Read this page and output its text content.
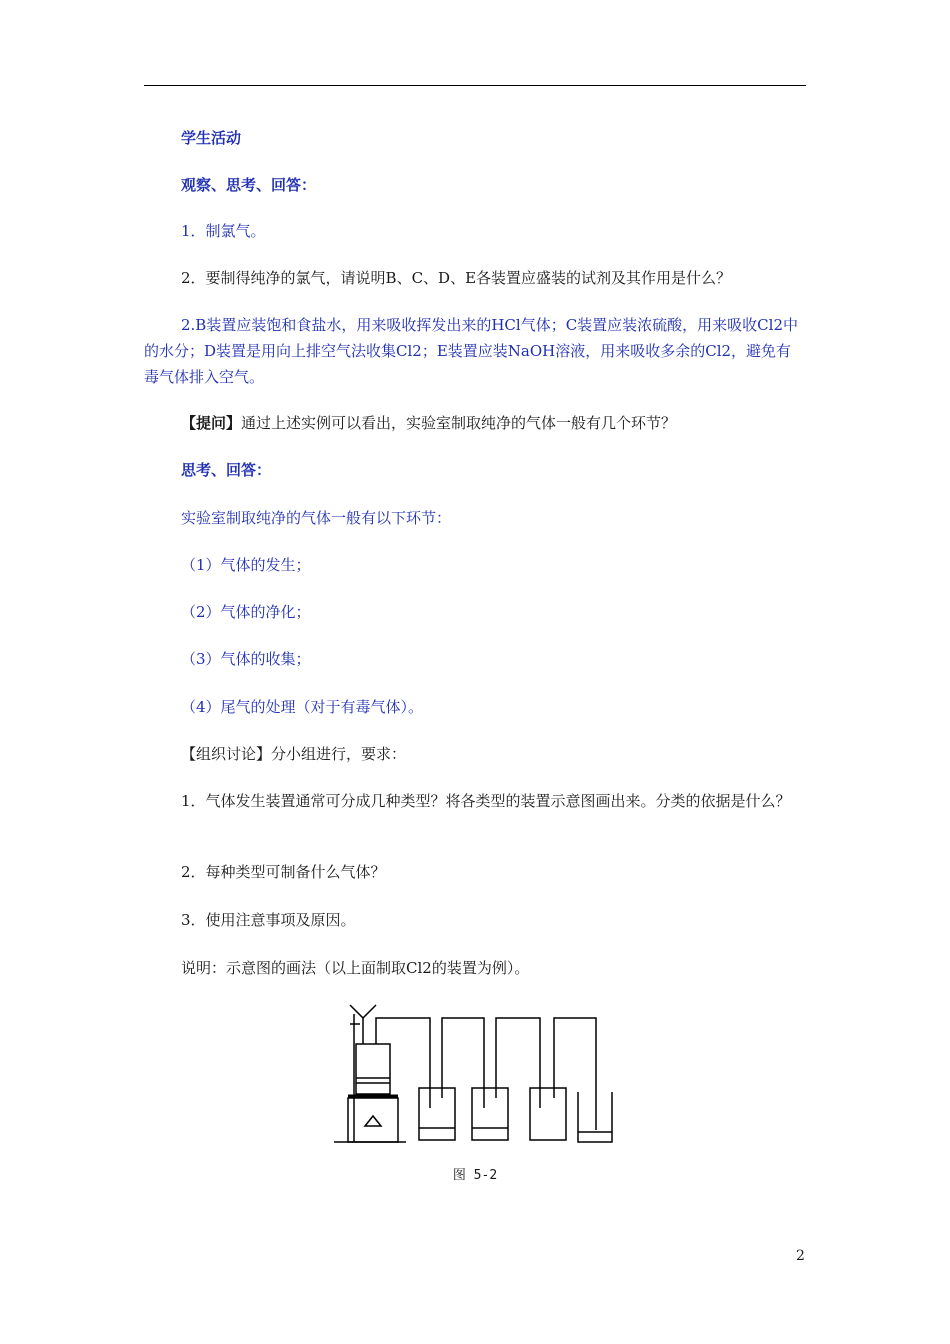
学生活动
观察、思考、回答：
1．制氯气。
2．要制得纯净的氯气，请说明B、C、D、E各装置应盛装的试剂及其作用是什么？
2.B装置应装饱和食盐水，用来吸收挥发出来的HCl气体；C装置应装浓硫酸，用来吸收Cl2中的水分；D装置是用向上排空气法收集Cl2；E装置应装NaOH溶液，用来吸收多余的Cl2，避免有毒气体排入空气。
【提问】通过上述实例可以看出，实验室制取纯净的气体一般有几个环节？
思考、回答：
实验室制取纯净的气体一般有以下环节：
（1）气体的发生；
（2）气体的净化；
（3）气体的收集；
（4）尾气的处理（对于有毒气体）。
【组织讨论】分小组进行，要求：
1．气体发生装置通常可分成几种类型？将各类型的装置示意图画出来。分类的依据是什么？
2．每种类型可制备什么气体？
3．使用注意事项及原因。
说明：示意图的画法（以上面制取Cl2的装置为例）。
图 5-2
2
